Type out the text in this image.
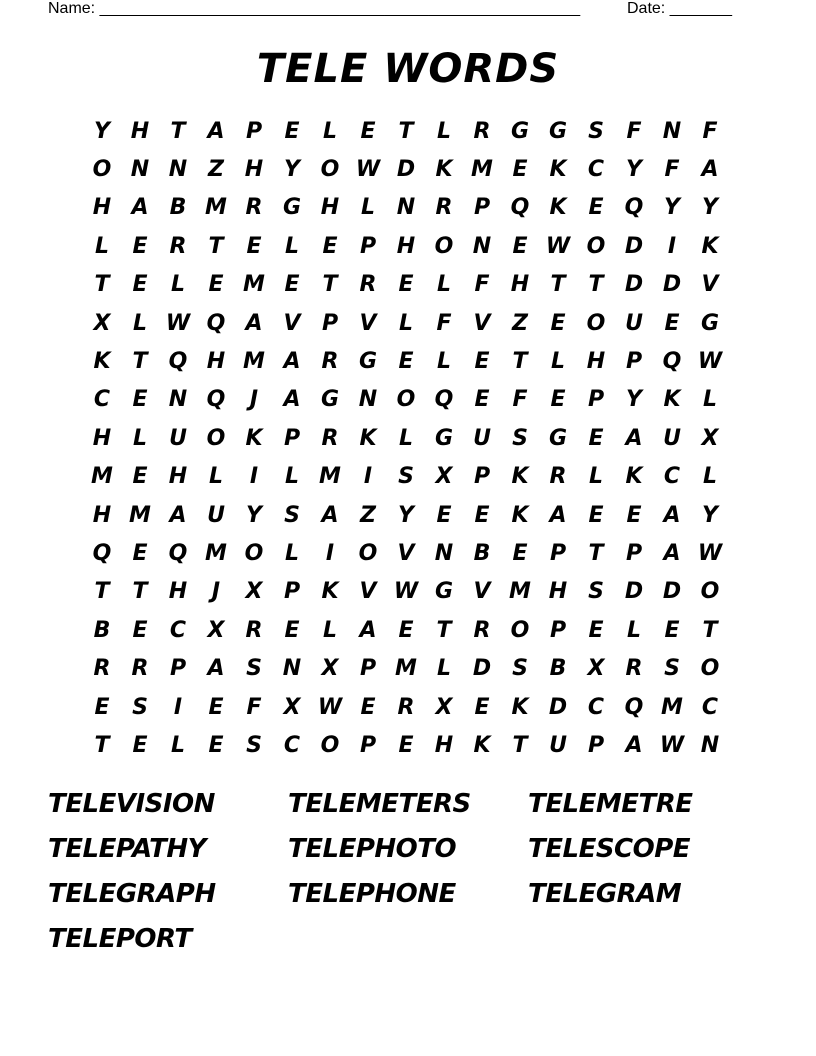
Name: ______________________________________________________	Date: _______
TELE WORDS
Y H T A P	E	L	E	T	L	R G G S	F N F
O N N Z H Y O W D K M E K C Y	F A
H A B M R G H L N R P Q K E Q Y	Y
L	E	R	T	E	L	E	P H O N E W O D	I	K
T	E	L	E M E	T	R	E	L	F H T	T D D V
X	L W Q A V P V	L	F V Z	E O U E G
K T Q H M A R G E	L	E	T	L H P Q W
C	E N Q	J	A G N O Q E	F	E	P Y K	L
H L	U O K P R K	L G U S G E A U X
M E H L	I	L M	I	S X P K R	L	K C	L
H M A U Y	S A Z	Y	E	E K A E	E A Y
Q E Q M O L	I	O V N B	E	P	T	P A W
T	T H	J	X P K V W G V M H S D D O
B	E	C X R	E	L	A E	T	R O P	E	L	E	T
R R P A S N X P M L D S B X R S O
E	S	I	E	F	X W E	R X	E K D C Q M C
T	E	L	E	S	C O P	E H K T U P A W N
TELEVISION	TELEMETERS	TELEMETRE
TELEPATHY	TELEPHOTO	TELESCOPE
TELEGRAPH	TELEPHONE	TELEGRAM
TELEPORT
